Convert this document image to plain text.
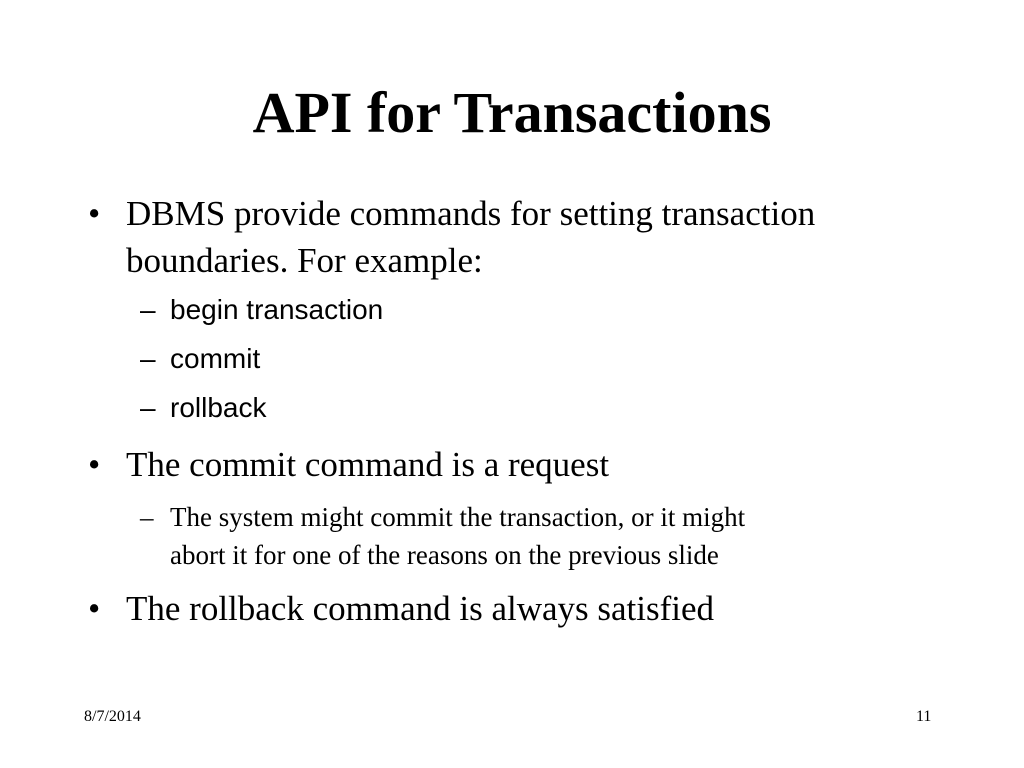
API for Transactions
• DBMS provide commands for setting transaction
boundaries. For example:
– begin transaction
– commit
– rollback
• The commit command is a request
– The system might commit the transaction, or it might
abort it for one of the reasons on the previous slide
• The rollback command is always satisfied
8/7/2014	11
